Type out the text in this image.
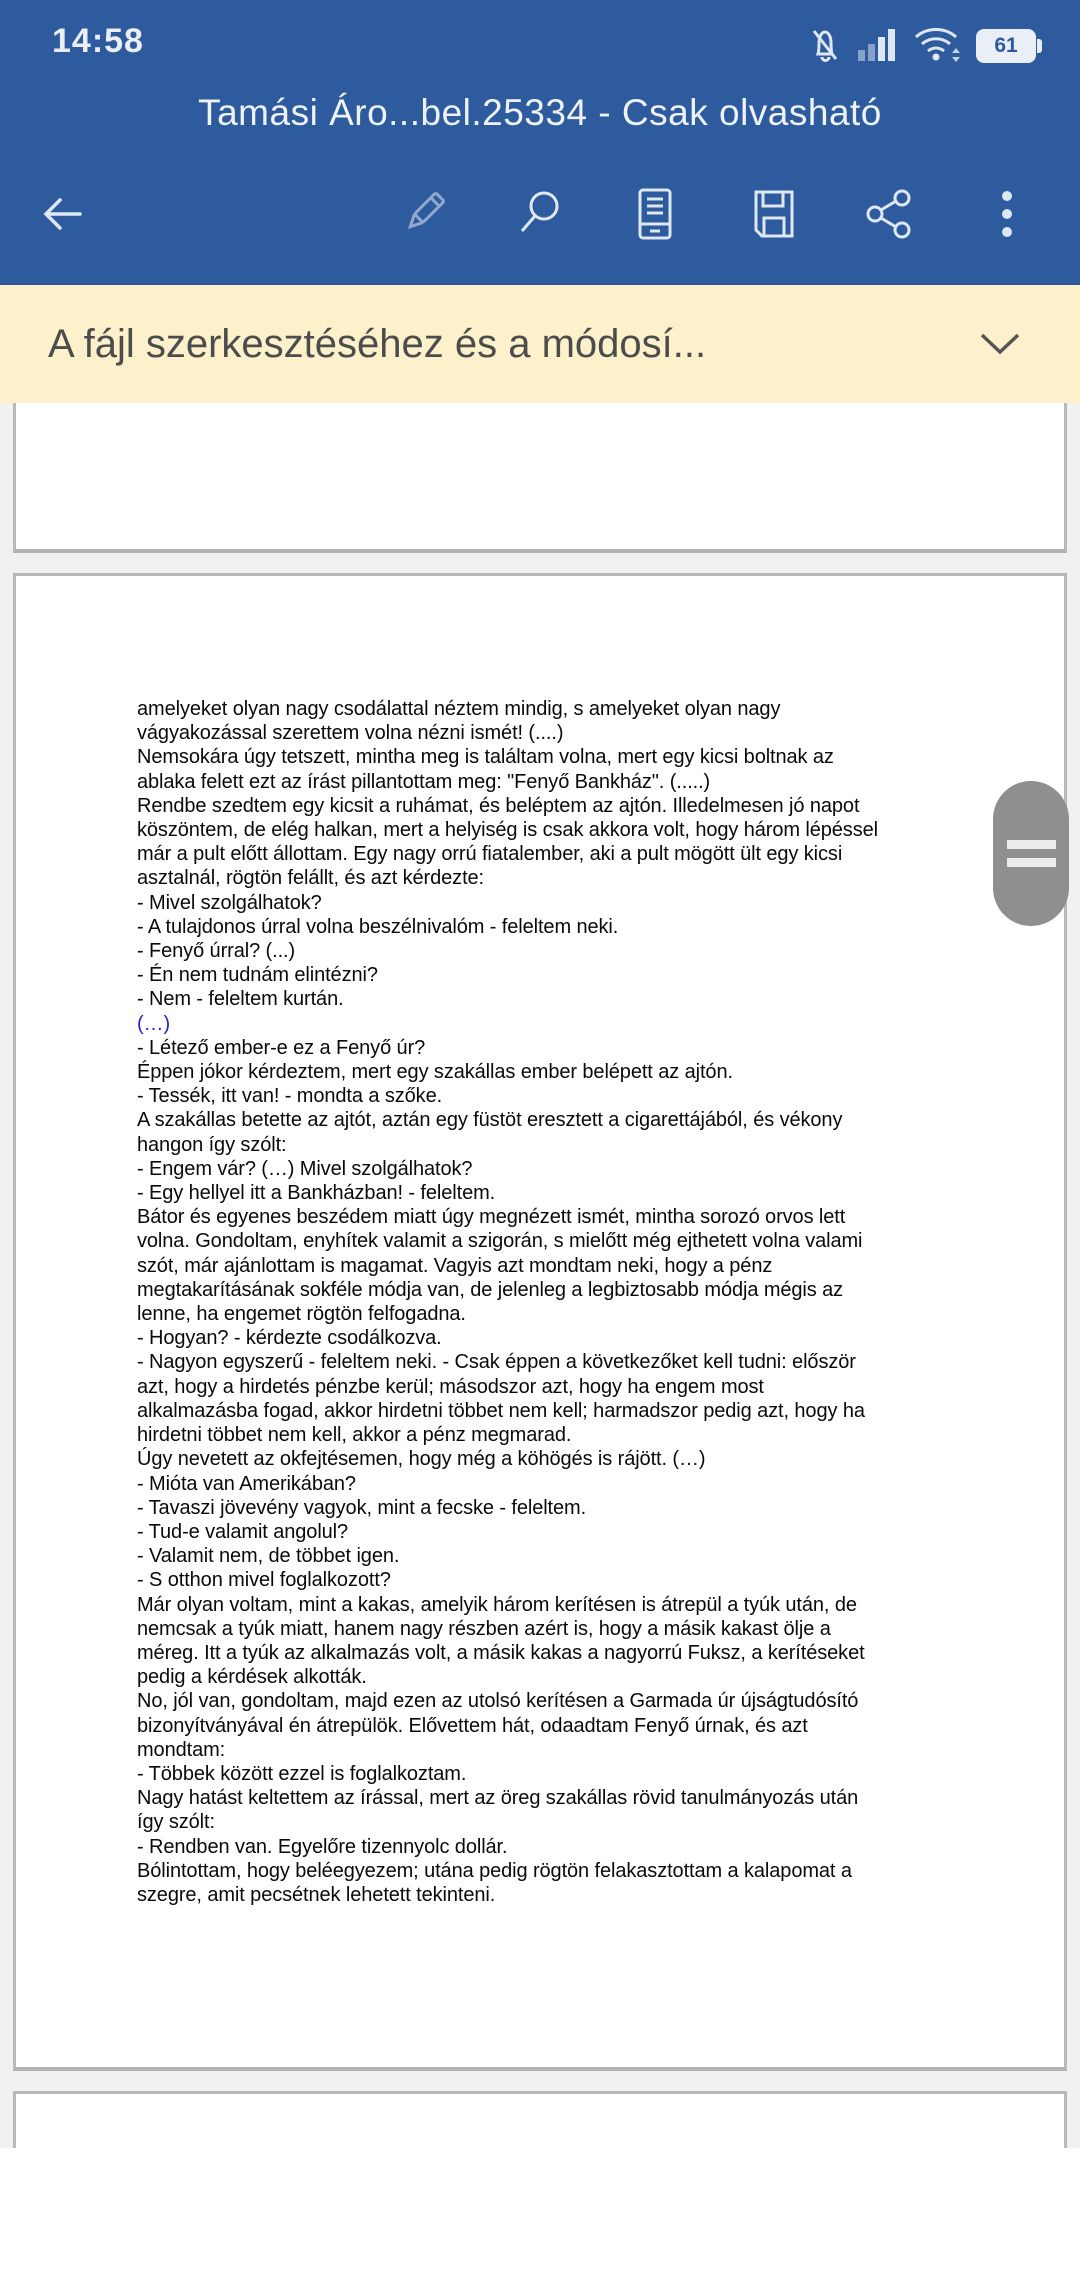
14:58	61
Tamási Áro...bel.25334 - Csak olvasható
A fájl szerkesztéséhez és a módosí...
amelyeket olyan nagy csodálattal néztem mindig, s amelyeket olyan nagy
vágyakozással szerettem volna nézni ismét! (....)
Nemsokára úgy tetszett, mintha meg is találtam volna, mert egy kicsi boltnak az
ablaka felett ezt az írást pillantottam meg: "Fenyő Bankház". (.....)
Rendbe szedtem egy kicsit a ruhámat, és beléptem az ajtón. Illedelmesen jó napot
köszöntem, de elég halkan, mert a helyiség is csak akkora volt, hogy három lépéssel
már a pult előtt állottam. Egy nagy orrú fiatalember, aki a pult mögött ült egy kicsi
asztalnál, rögtön felállt, és azt kérdezte:
- Mivel szolgálhatok?
- A tulajdonos úrral volna beszélnivalóm - feleltem neki.
- Fenyő úrral? (...)
- Én nem tudnám elintézni?
- Nem - feleltem kurtán.
(…)
- Létező ember-e ez a Fenyő úr?
Éppen jókor kérdeztem, mert egy szakállas ember belépett az ajtón.
- Tessék, itt van! - mondta a szőke.
A szakállas betette az ajtót, aztán egy füstöt eresztett a cigarettájából, és vékony
hangon így szólt:
- Engem vár? (…) Mivel szolgálhatok?
- Egy hellyel itt a Bankházban! - feleltem.
Bátor és egyenes beszédem miatt úgy megnézett ismét, mintha sorozó orvos lett
volna. Gondoltam, enyhítek valamit a szigorán, s mielőtt még ejthetett volna valami
szót, már ajánlottam is magamat. Vagyis azt mondtam neki, hogy a pénz
megtakarításának sokféle módja van, de jelenleg a legbiztosabb módja mégis az
lenne, ha engemet rögtön felfogadna.
- Hogyan? - kérdezte csodálkozva.
- Nagyon egyszerű - feleltem neki. - Csak éppen a következőket kell tudni: először
azt, hogy a hirdetés pénzbe kerül; másodszor azt, hogy ha engem most
alkalmazásba fogad, akkor hirdetni többet nem kell; harmadszor pedig azt, hogy ha
hirdetni többet nem kell, akkor a pénz megmarad.
Úgy nevetett az okfejtésemen, hogy még a köhögés is rájött. (…)
- Mióta van Amerikában?
- Tavaszi jövevény vagyok, mint a fecske - feleltem.
- Tud-e valamit angolul?
- Valamit nem, de többet igen.
- S otthon mivel foglalkozott?
Már olyan voltam, mint a kakas, amelyik három kerítésen is átrepül a tyúk után, de
nemcsak a tyúk miatt, hanem nagy részben azért is, hogy a másik kakast ölje a
méreg. Itt a tyúk az alkalmazás volt, a másik kakas a nagyorrú Fuksz, a kerítéseket
pedig a kérdések alkották.
No, jól van, gondoltam, majd ezen az utolsó kerítésen a Garmada úr újságtudósító
bizonyítványával én átrepülök. Elővettem hát, odaadtam Fenyő úrnak, és azt
mondtam:
- Többek között ezzel is foglalkoztam.
Nagy hatást keltettem az írással, mert az öreg szakállas rövid tanulmányozás után
így szólt:
- Rendben van. Egyelőre tizennyolc dollár.
Bólintottam, hogy beléegyezem; utána pedig rögtön felakasztottam a kalapomat a
szegre, amit pecsétnek lehetett tekinteni.
